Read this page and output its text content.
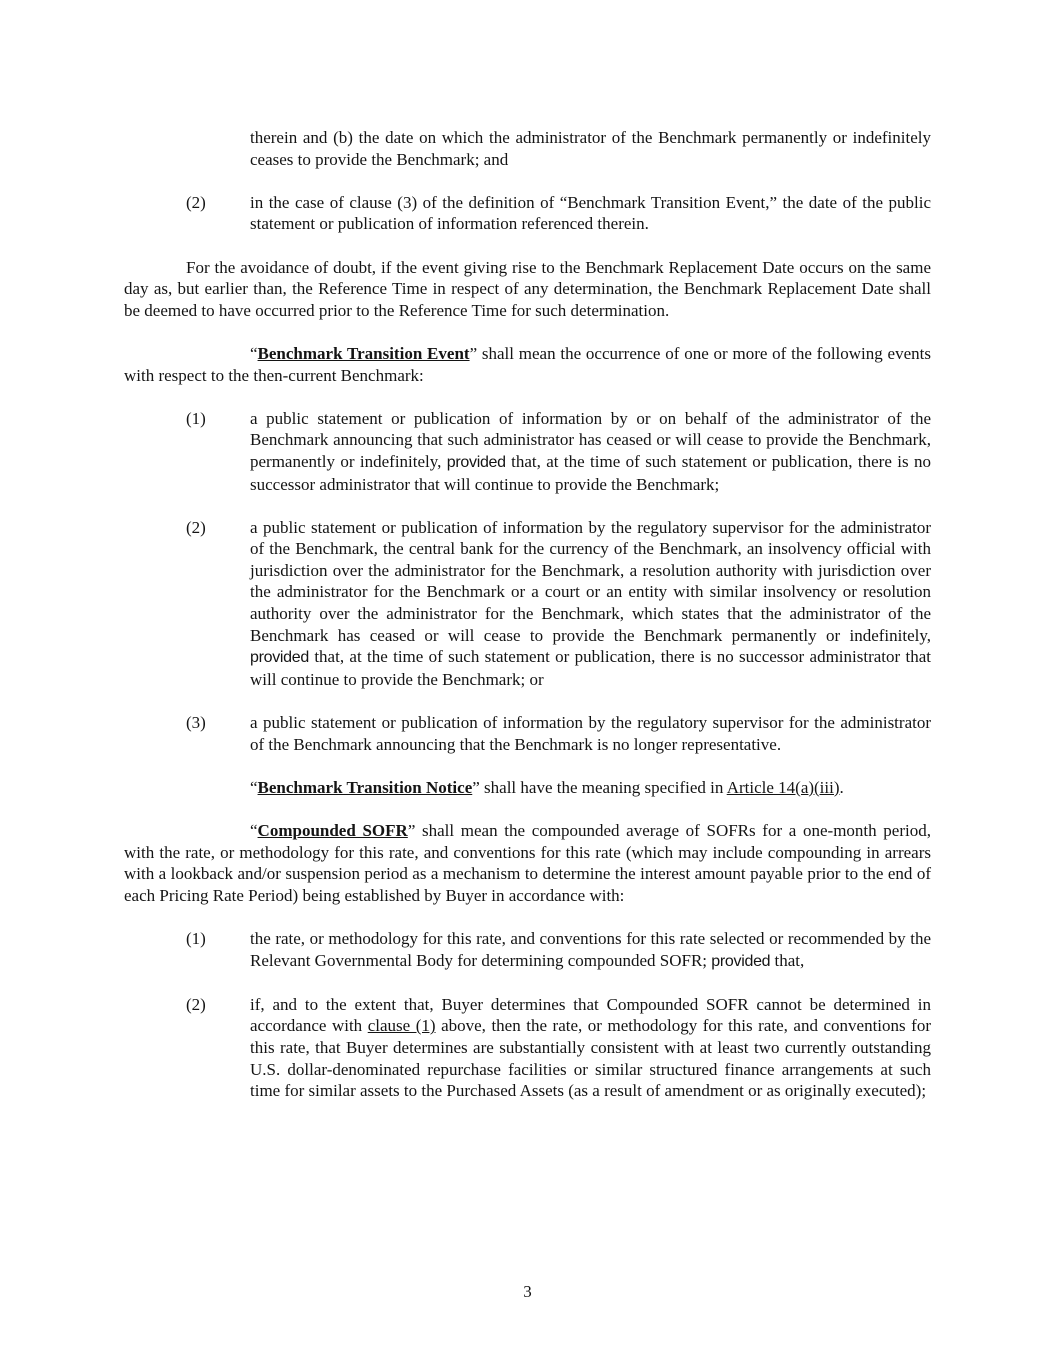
therein and (b) the date on which the administrator of the Benchmark permanently or indefinitely ceases to provide the Benchmark; and
(2)	in the case of clause (3) of the definition of “Benchmark Transition Event,” the date of the public statement or publication of information referenced therein.
For the avoidance of doubt, if the event giving rise to the Benchmark Replacement Date occurs on the same day as, but earlier than, the Reference Time in respect of any determination, the Benchmark Replacement Date shall be deemed to have occurred prior to the Reference Time for such determination.
“Benchmark Transition Event” shall mean the occurrence of one or more of the following events with respect to the then-current Benchmark:
(1)	a public statement or publication of information by or on behalf of the administrator of the Benchmark announcing that such administrator has ceased or will cease to provide the Benchmark, permanently or indefinitely, provided that, at the time of such statement or publication, there is no successor administrator that will continue to provide the Benchmark;
(2)	a public statement or publication of information by the regulatory supervisor for the administrator of the Benchmark, the central bank for the currency of the Benchmark, an insolvency official with jurisdiction over the administrator for the Benchmark, a resolution authority with jurisdiction over the administrator for the Benchmark or a court or an entity with similar insolvency or resolution authority over the administrator for the Benchmark, which states that the administrator of the Benchmark has ceased or will cease to provide the Benchmark permanently or indefinitely, provided that, at the time of such statement or publication, there is no successor administrator that will continue to provide the Benchmark; or
(3)	a public statement or publication of information by the regulatory supervisor for the administrator of the Benchmark announcing that the Benchmark is no longer representative.
“Benchmark Transition Notice” shall have the meaning specified in Article 14(a)(iii).
“Compounded SOFR” shall mean the compounded average of SOFRs for a one-month period, with the rate, or methodology for this rate, and conventions for this rate (which may include compounding in arrears with a lookback and/or suspension period as a mechanism to determine the interest amount payable prior to the end of each Pricing Rate Period) being established by Buyer in accordance with:
(1)	the rate, or methodology for this rate, and conventions for this rate selected or recommended by the Relevant Governmental Body for determining compounded SOFR; provided that,
(2)	if, and to the extent that, Buyer determines that Compounded SOFR cannot be determined in accordance with clause (1) above, then the rate, or methodology for this rate, and conventions for this rate, that Buyer determines are substantially consistent with at least two currently outstanding U.S. dollar-denominated repurchase facilities or similar structured finance arrangements at such time for similar assets to the Purchased Assets (as a result of amendment or as originally executed);
3
